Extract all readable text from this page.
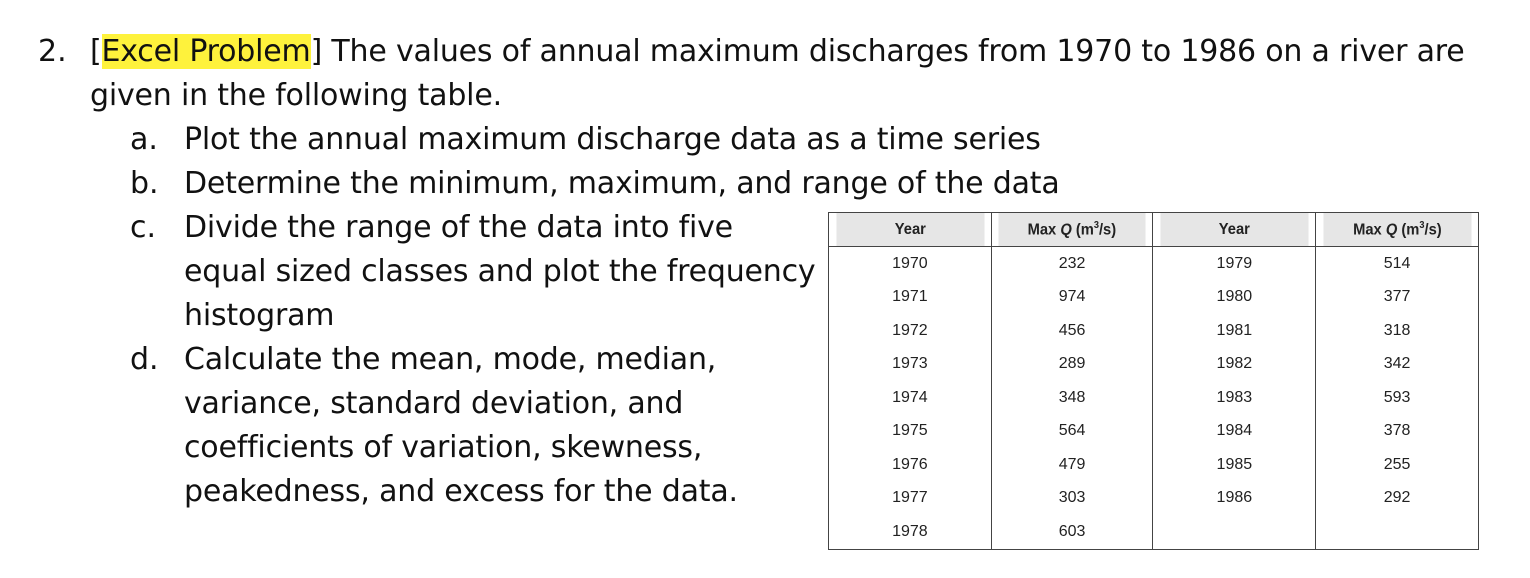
2. [Excel Problem] The values of annual maximum discharges from 1970 to 1986 on a river are
given in the following table.
a. Plot the annual maximum discharge data as a time series
b. Determine the minimum, maximum, and range of the data
c. Divide the range of the data into five
equal sized classes and plot the frequency
histogram
d. Calculate the mean, mode, median,
variance, standard deviation, and
coefficients of variation, skewness,
peakedness, and excess for the data.
Year	Max Q $(m^3/s)$	Year	Max Q $(m^3/s)$
1970	232	1979	514
1971	974	1980	377
1972	456	1981	318
1973	289	1982	342
1974	348	1983	593
1975	564	1984	378
1976	479	1985	255
1977	303	1986	292
1978	603		
